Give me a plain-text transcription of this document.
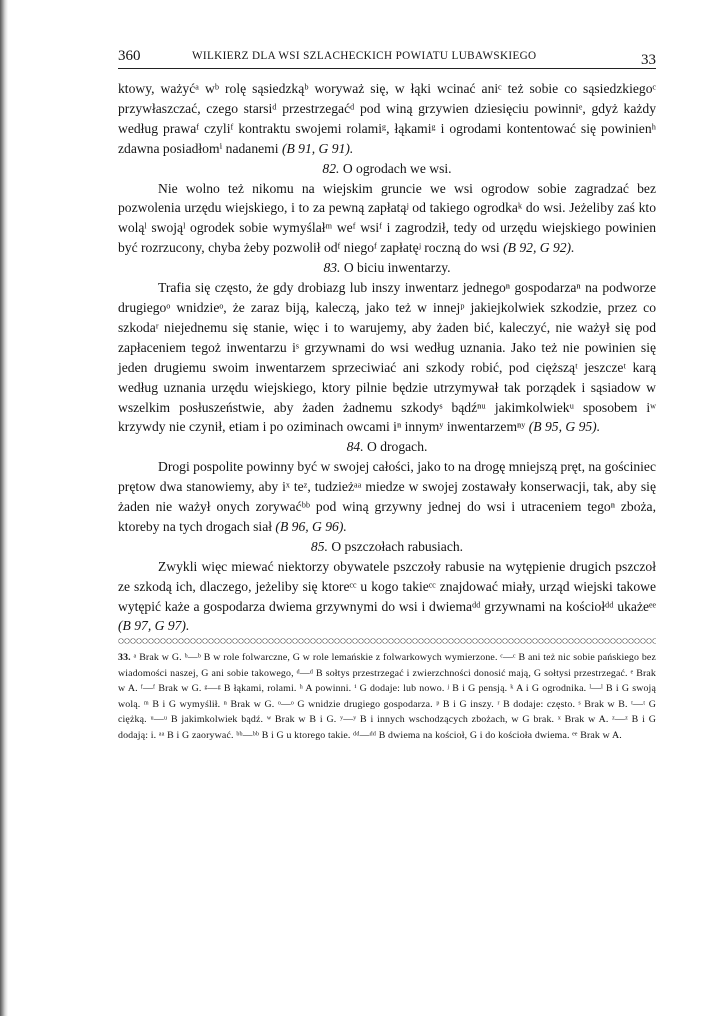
360	WILKIERZ DLA WSI SZLACHECKICH POWIATU LUBAWSKIEGO	33

ktowy, ważyćᵃ wᵇ rolę sąsiedzkąᵇ woryważ się, w łąki wcinać aniᶜ też sobie co sąsiedzkiegoᶜ przywłaszczać, czego starsiᵈ przestrzegaćᵈ pod winą grzywien dziesięciu powinniᵉ, gdyż każdy według prawaᶠ czyliᶠ kontraktu swojemi rolamiᵍ, łąkamiᵍ i ogrodami kontentować się powinienʰ zdawna posiadłomⁱ nadanemi (B 91, G 91).

82. O ogrodach we wsi.

Nie wolno też nikomu na wiejskim gruncie we wsi ogrodow sobie zagradzać bez pozwolenia urzędu wiejskiego, i to za pewną zapłatąʲ od takiego ogrodkaᵏ do wsi. Jeżeliby zaś kto woląˡ swojąˡ ogrodek sobie wymyślałᵐ weᶠ wsiᶠ i zagrodził, tedy od urzędu wiejskiego powinien być rozrzucony, chyba żeby pozwolił odᶠ niegoᶠ zapłatęʲ roczną do wsi (B 92, G 92).

83. O biciu inwentarzy.

Trafia się często, że gdy drobiazg lub inszy inwentarz jednegoⁿ gospodarzaⁿ na podworze drugiegoᵒ wnidzieᵒ, że zaraz biją, kaleczą, jako też w innejᵖ jakiejkolwiek szkodzie, przez co szkodaʳ niejednemu się stanie, więc i to warujemy, aby żaden bić, kaleczyć, nie ważył się pod zapłaceniem tegoż inwentarzu iˢ grzywnami do wsi według uznania. Jako też nie powinien się jeden drugiemu swoim inwentarzem sprzeciwiać ani szkody robić, pod cięższąᵗ jeszczeᵗ karą według uznania urzędu wiejskiego, ktory pilnie będzie utrzymywał tak porządek i sąsiadow w wszelkim posłuszeństwie, aby żaden żadnemu szkodyˢ bądźⁿᵘ jakimkolwiekᵘ sposobem iʷ krzywdy nie czynił, etiam i po oziminach owcami iⁿ innymʸ inwentarzemⁿʸ (B 95, G 95).

84. O drogach.

Drogi pospolite powinny być w swojej całości, jako to na drogę mniejszą pręt, na gościniec prętow dwa stanowiemy, aby iˣ teᶻ, tudzieżᵃᵃ miedze w swojej zostawały konserwacji, tak, aby się żaden nie ważył onych zorywaćᵇᵇ pod winą grzywny jednej do wsi i utraceniem tegoⁿ zboża, ktoreby na tych drogach siał (B 96, G 96).

85. O pszczołach rabusiach.

Zwykli więc miewać niektorzy obywatele pszczoły rabusie na wytępienie drugich pszczoł ze szkodą ich, dlaczego, jeżeliby się ktoreᶜᶜ u kogo takieᶜᶜ znajdować miały, urząd wiejski takowe wytępić każe a gospodarza dwiema grzywnymi do wsi i dwiemaᵈᵈ grzywnami na kościołᵈᵈ ukażeᵉᵉ (B 97, G 97).

33. ᵃ Brak w G. ᵇ—ᵇ B w role folwarczne, G w role lemańskie z folwarkowych wymierzone. ᶜ—ᶜ B ani też nic sobie pańskiego bez wiadomości naszej, G ani sobie takowego, ᵈ—ᵈ B sołtys przestrzegać i zwierzchności donosić mają, G sołtysi przestrzegać. ᵉ Brak w A. ᶠ—ᶠ Brak w G. ᵍ—ᵍ B łąkami, rolami. ʰ A powinni. ⁱ G dodaje: lub nowo. ʲ B i G pensją. ᵏ A i G ogrodnika. ˡ—ˡ B i G swoją wolą. ᵐ B i G wymyślił. ⁿ Brak w G. ᵒ—ᵒ G wnidzie drugiego gospodarza. ᵖ B i G inszy. ʳ B dodaje: często. ˢ Brak w B. ᵗ—ᵗ G ciężką. ᵘ—ᵘ B jakimkolwiek bądź. ʷ Brak w B i G. ʸ—ʸ B i innych wschodzących zbożach, w G brak. ˣ Brak w A. ᶻ—ᶻ B i G dodają: i. ᵃᵃ B i G zaorywać. ᵇᵇ—ᵇᵇ B i G u ktorego takie. ᵈᵈ—ᵈᵈ B dwiema na kościoł, G i do kościoła dwiema. ᵉᵉ Brak w A.
